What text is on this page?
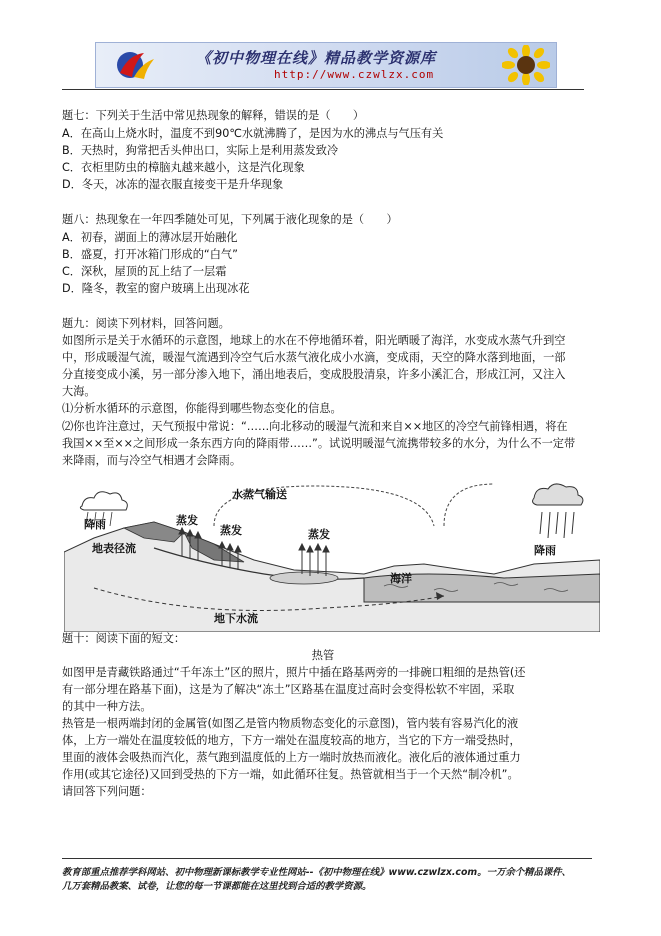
《初中物理在线》精品教学资源库
http://www.czwlzx.com
题七：下列关于生活中常见热现象的解释，错误的是（　　）
A．在高山上烧水时，温度不到90℃水就沸腾了，是因为水的沸点与气压有关
B．天热时，狗常把舌头伸出口，实际上是利用蒸发致冷
C．衣柜里防虫的樟脑丸越来越小，这是汽化现象
D．冬天，冰冻的湿衣服直接变干是升华现象
题八：热现象在一年四季随处可见，下列属于液化现象的是（　　）
A．初春，湖面上的薄冰层开始融化
B．盛夏，打开冰箱门形成的“白气”
C．深秋，屋顶的瓦上结了一层霜
D．隆冬，教室的窗户玻璃上出现冰花
题九：阅读下列材料，回答问题。
如图所示是关于水循环的示意图，地球上的水在不停地循环着，阳光晒暖了海洋，水变成水蒸气升到空
中，形成暖湿气流，暖湿气流遇到冷空气后水蒸气液化成小水滴，变成雨，天空的降水落到地面，一部
分直接变成小溪，另一部分渗入地下，涌出地表后，变成股股清泉，许多小溪汇合，形成江河，又注入
大海。
⑴分析水循环的示意图，你能得到哪些物态变化的信息。
⑵你也许注意过，天气预报中常说：“……向北移动的暖湿气流和来自××地区的冷空气前锋相遇，将在
我国××至××之间形成一条东西方向的降雨带……”。试说明暖湿气流携带较多的水分，为什么不一定带
来降雨，而与冷空气相遇才会降雨。
水蒸气输送
降雨	蒸发
蒸发	蒸发
地表径流	降雨
海洋
地下水流
题十：阅读下面的短文：
热管
如图甲是青藏铁路通过“千年冻土”区的照片，照片中插在路基两旁的一排碗口粗细的是热管(还
有一部分埋在路基下面)，这是为了解决“冻土”区路基在温度过高时会变得松软不牢固，采取
的其中一种方法。
热管是一根两端封闭的金属管(如图乙是管内物质物态变化的示意图)，管内装有容易汽化的液
体，上方一端处在温度较低的地方，下方一端处在温度较高的地方，当它的下方一端受热时，
里面的液体会吸热而汽化，蒸气跑到温度低的上方一端时放热而液化。液化后的液体通过重力
作用(或其它途径)又回到受热的下方一端，如此循环往复。热管就相当于一个天然“制冷机”。
请回答下列问题：
教育部重点推荐学科网站、初中物理新课标教学专业性网站--《初中物理在线》www.czwlzx.com。一万余个精品课件、
几万套精品教案、试卷，让您的每一节课都能在这里找到合适的教学资源。
